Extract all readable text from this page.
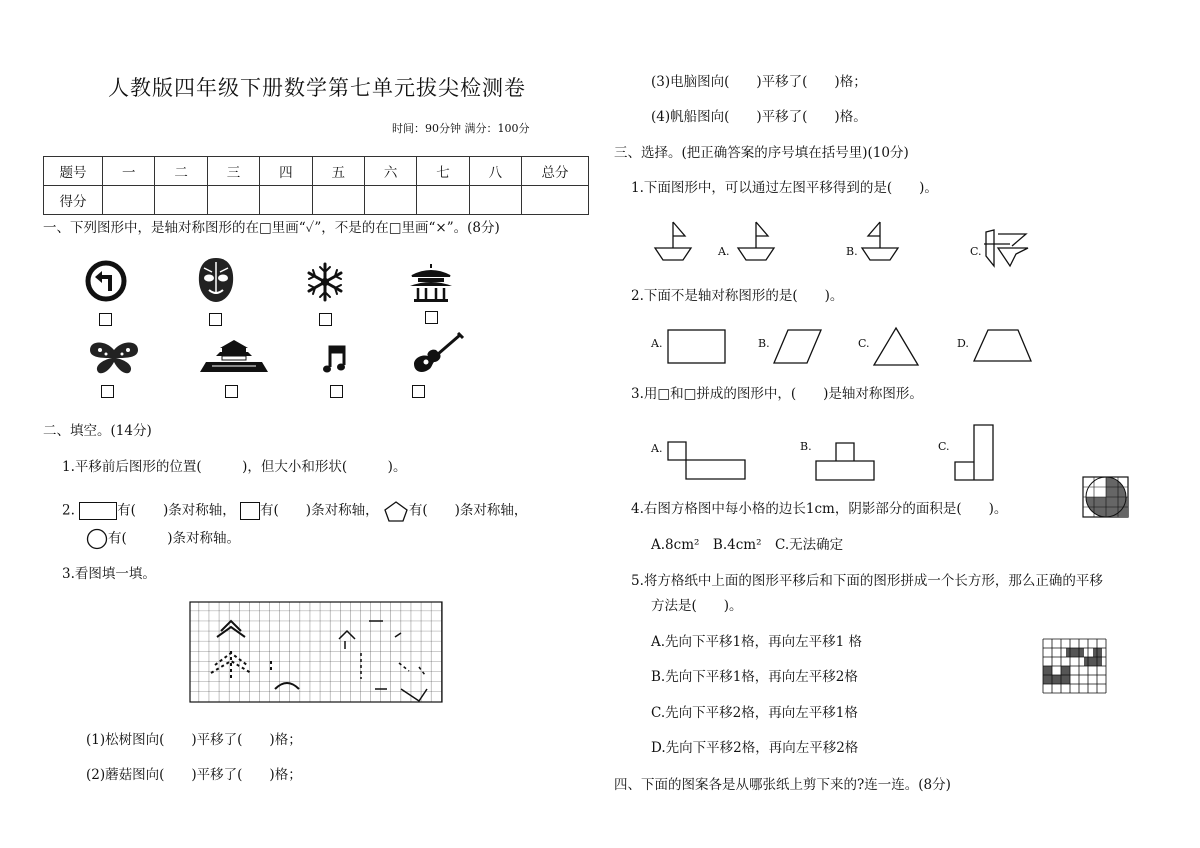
人教版四年级下册数学第七单元拔尖检测卷
时间：90分钟 满分：100分
题号	一	二	三	四	五	六	七	八	总分
得分									
一、下列图形中，是轴对称图形的在□里画“✓”，不是的在□里画“×”。(8分)
二、填空。(14分)
1.平移前后图形的位置(　　　)，但大小和形状(　　　)。
2.	有(　　)条对称轴， 有(　　)条对称轴， 有(　　)条对称轴，
有(　　　)条对称轴。
3.看图填一填。
(1)松树图向(　　)平移了(　　)格；
(2)蘑菇图向(　　)平移了(　　)格；
(3)电脑图向(　　)平移了(　　)格；
(4)帆船图向(　　)平移了(　　)格。
三、选择。(把正确答案的序号填在括号里)(10分)
1.下面图形中，可以通过左图平移得到的是(　　)。
A.	B.	C.
2.下面不是轴对称图形的是(　　)。
A.	B.	C.	D.
3.用□和□拼成的图形中，(　　)是轴对称图形。
A.	B.	C.
4.右图方格图中每小格的边长1cm，阴影部分的面积是(　　)。
A.8cm²　B.4cm²　C.无法确定
5.将方格纸中上面的图形平移后和下面的图形拼成一个长方形，那么正确的平移
方法是(　　)。
A.先向下平移1格，再向左平移1 格
B.先向下平移1格，再向左平移2格
C.先向下平移2格，再向左平移1格
D.先向下平移2格，再向左平移2格
四、下面的图案各是从哪张纸上剪下来的?连一连。(8分)
